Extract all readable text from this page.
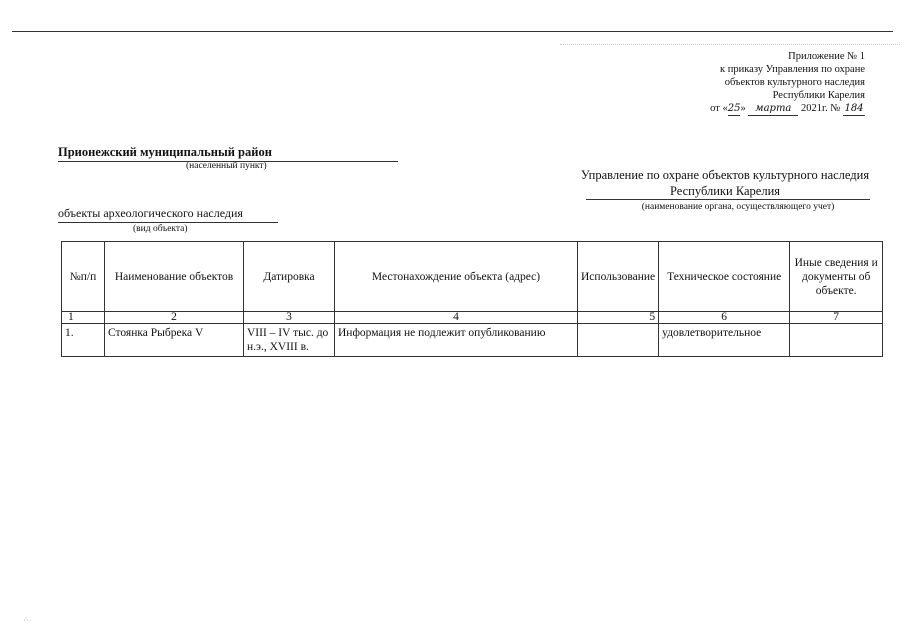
Приложение № 1
к приказу Управления по охране
объектов культурного наследия
Республики Карелия
от «25» марта 2021г. № 184
Прионежский муниципальный район
(населенный пункт)
Управление по охране объектов культурного наследия Республики Карелия
(наименование органа, осуществляющего учет)
объекты археологического наследия
(вид объекта)
№п/п	Наименование объектов	Датировка	Местонахождение объекта (адрес)	Использование	Техническое состояние	Иные сведения и документы об объекте.
1	2	3	4	5	6	7
1.	Стоянка Рыбрека V	VIII – IV тыс. до н.э., XVIII в.	Информация не подлежит опубликованию		удовлетворительное	
∴ .
